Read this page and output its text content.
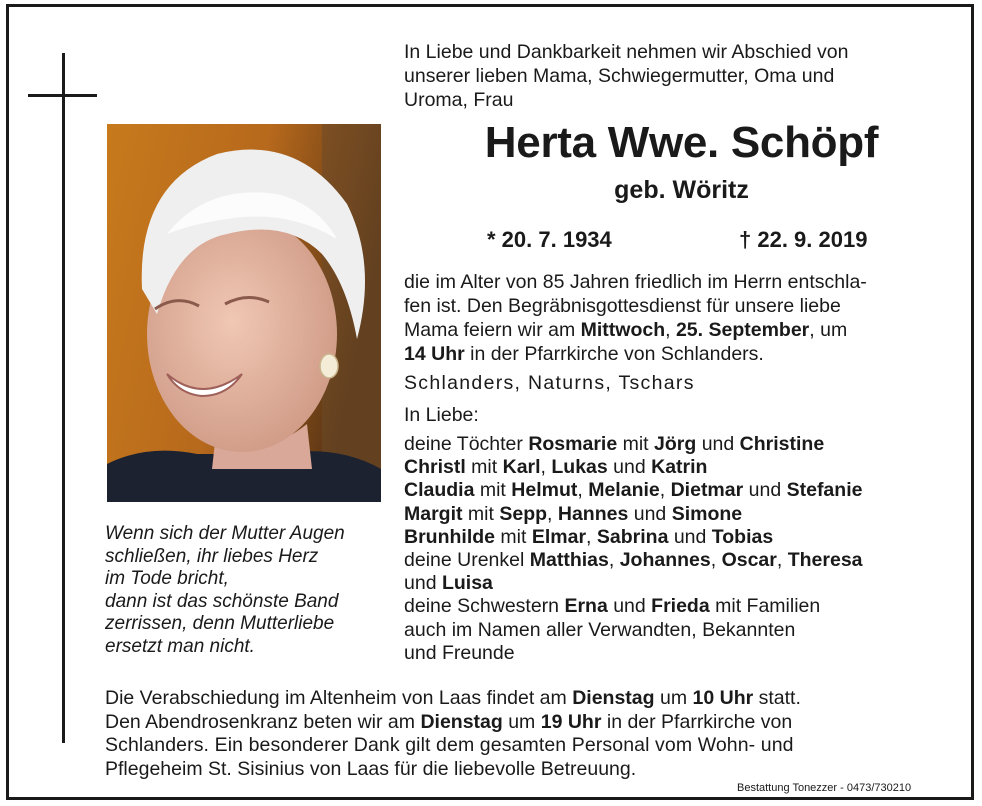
Wenn sich der Mutter Augen
schließen, ihr liebes Herz
im Tode bricht,
dann ist das schönste Band
zerrissen, denn Mutterliebe
ersetzt man nicht.
In Liebe und Dankbarkeit nehmen wir Abschied von
unserer lieben Mama, Schwiegermutter, Oma und
Uroma, Frau
Herta Wwe. Schöpf
geb. Wöritz
* 20. 7. 1934	† 22. 9. 2019
die im Alter von 85 Jahren friedlich im Herrn entschla-
fen ist. Den Begräbnisgottesdienst für unsere liebe
Mama feiern wir am Mittwoch, 25. September, um
14 Uhr in der Pfarrkirche von Schlanders.
Schlanders, Naturns, Tschars
In Liebe:
deine Töchter Rosmarie mit Jörg und Christine
Christl mit Karl, Lukas und Katrin
Claudia mit Helmut, Melanie, Dietmar und Stefanie
Margit mit Sepp, Hannes und Simone
Brunhilde mit Elmar, Sabrina und Tobias
deine Urenkel Matthias, Johannes, Oscar, Theresa
und Luisa
deine Schwestern Erna und Frieda mit Familien
auch im Namen aller Verwandten, Bekannten
und Freunde
Die Verabschiedung im Altenheim von Laas findet am Dienstag um 10 Uhr statt.
Den Abendrosenkranz beten wir am Dienstag um 19 Uhr in der Pfarrkirche von
Schlanders. Ein besonderer Dank gilt dem gesamten Personal vom Wohn- und
Pflegeheim St. Sisinius von Laas für die liebevolle Betreuung.
Bestattung Tonezzer - 0473/730210
